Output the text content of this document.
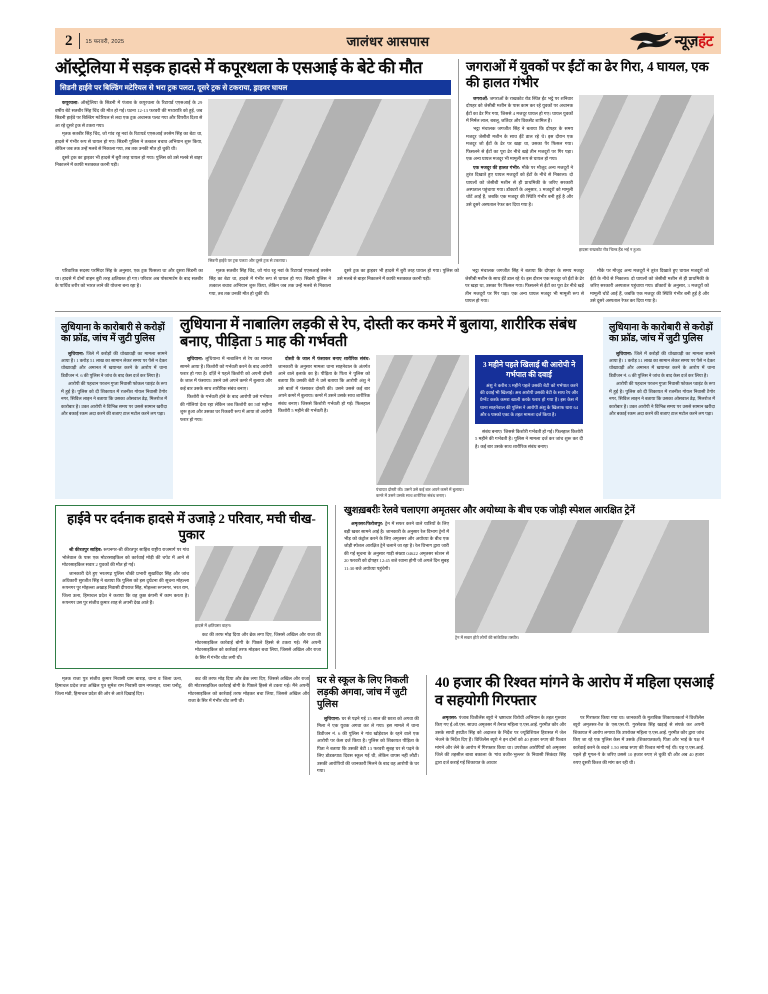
2	15 फरवरी, 2025	जालंधर आसपास	न्यूज़हंट
ऑस्ट्रेलिया में सड़क हादसे में कपूरथला के एसआई के बेटे की मौत
सिडनी हाईवे पर बिल्डिंग मटेरियल से भरा ट्रक पलटा, दूसरे ट्रक से टकराया, ड्राइवर घायल

कपूरथला: ऑस्ट्रेलिया के सिडनी में पंजाब के कपूरथला के रिटायर्ड एएसआई के 29 वर्षीय बेटे सतबीर सिंह चिंद की मौत हो गई। घटना 12-13 फरवरी की मध्यरात्रि को हुई, जब सिडनी हाईवे पर बिल्डिंग मटेरियल से लदा एक ट्रक अचानक पलट गया और विपरीत दिशा से आ रहे दूसरे ट्रक से टकरा गया।

मृतक सतबीर सिंह चिंद, जो गांव रहू नवां के रिटायर्ड एएसआई तरसेम सिंह का बेटा था, हादसे में गंभीर रूप से घायल हो गए। सिडनी पुलिस ने तत्काल बचाव अभियान शुरू किया, लेकिन जब तक उन्हें मलबे से निकाला गया, तब तक उनकी मौत हो चुकी थी।

दूसरे ट्रक का ड्राइवर भी हादसे में बुरी तरह घायल हो गया। पुलिस को उसे मलबे से बाहर निकालने में काफी मशक्कत करनी पड़ी।

सिडनी हाईवे पर ट्रक पलटा और दूसरे ट्रक से टकराया।
जगराओं में युवकों पर ईंटों का ढेर गिरा, 4 घायल, एक की हालत गंभीर

जगराओं: जगराओं के राखकोट रोड स्थित ईंट भट्ठे पर शनिवार दोपहर को जेसीबी मशीन के पास काम कर रहे युवकों पर अचानक ईंटों का ढेर गिर गया, जिससे 4 मजदूर घायल हो गए। घायल युवकों में निर्मल लाल, बबलू, जतिंदर और विकसेंट शामिल हैं।

भट्ठा मंचालक जगजीत सिंह ने बताया कि दोपहर के समय मजदूर जेसीबी मशीन के साथ ईंटें डाल रहे थे। इस दौरान एक मजदूर जो ईंटों के ढेर पर खड़ा था, उसका पैर फिसल गया। फिसलने से ईंटों का पूरा ढेर नीचे खड़े तीन मजदूरों पर गिर पड़ा। एक अन्य घायल मजदूर भी मामूली रूप से घायल हो गया।

एक मजदूर की हालत गंभीर: मौके पर मौजूद अन्य मजदूरों ने तुरंत दिखाते हुए घायल मजदूरों को ईंटों के नीचे से निकाला। दो घायलों को जेसीबी मशीन से ही प्राथमिकी के जरिए सरकारी अस्पताल पहुंचाया गया। डॉक्टरों के अनुसार, 3 मजदूरों को मामूली चोटें आईं हैं, जबकि एक मजदूर की स्थिति गंभीर बनी हुई है और उसे दूसरे अस्पताल रेफर कर दिया गया है।

हादसा राखकोट रोड चिल्ड हैंड भई न हुआ।

परिवारिक सदस्य परमिंदर सिंह के अनुसार, एक ट्रक फिसला था और दूसरा सिडनी का था। हादसे में दोनों वाहन बुरी तरह क्षतिग्रस्त हो गए। परिवार अब पोस्टमार्टम के बाद सतबीर के पार्थिव शरीर को भारत लाने की योजना बना रहा है।

मृतक सतबीर सिंह चिंद, जो गांव रहू नवां के रिटायर्ड एएसआई तरसेम सिंह का बेटा था, हादसे में गंभीर रूप से घायल हो गए। सिडनी पुलिस ने तत्काल बचाव अभियान शुरू किया, लेकिन जब तक उन्हें मलबे से निकाला गया, तब तक उनकी मौत हो चुकी थी।

दूसरे ट्रक का ड्राइवर भी हादसे में बुरी तरह घायल हो गया। पुलिस को उसे मलबे से बाहर निकालने में काफी मशक्कत करनी पड़ी।

भट्ठा मंचालक जगजीत सिंह ने बताया कि दोपहर के समय मजदूर जेसीबी मशीन के साथ ईंटें डाल रहे थे। इस दौरान एक मजदूर जो ईंटों के ढेर पर खड़ा था, उसका पैर फिसल गया। फिसलने से ईंटों का पूरा ढेर नीचे खड़े तीन मजदूरों पर गिर पड़ा। एक अन्य घायल मजदूर भी मामूली रूप से घायल हो गया।

मौके पर मौजूद अन्य मजदूरों ने तुरंत दिखाते हुए घायल मजदूरों को ईंटों के नीचे से निकाला। दो घायलों को जेसीबी मशीन से ही प्राथमिकी के जरिए सरकारी अस्पताल पहुंचाया गया। डॉक्टरों के अनुसार, 3 मजदूरों को मामूली चोटें आईं हैं, जबकि एक मजदूर की स्थिति गंभीर बनी हुई है और उसे दूसरे अस्पताल रेफर कर दिया गया है।

लुधियाना के कारोबारी से करोड़ों का फ्रॉड, जांच में जुटी पुलिस

लुधियाना: जिले में करोड़ों की धोखाधड़ी का मामला सामने आया है। 1 करोड़ 51 लाख का सामान लेकर समय पर पैसे न देकर धोखाधड़ी और अमानत में खयानत करने के आरोप में थाना डिवीजन नं. 6 की पुलिस ने जांच के बाद केस दर्ज कर लिया है।

आरोपी की पहचान परशन गुप्ता निवासी फोकल प्वाइंट के रूप में हुई है। पुलिस को दी शिकायत में रजनीश गोयल निवासी टैगोर नगर, सिविल लाइन ने बताया कि उसका ओसवाल डेढ़, मिलरोज में कारोबार है। उक्त आरोपी ने विभिन्न समय पर उससे सामान खरीदा और बकाई रकम अदा करने की बजाए टाल मटोल करने लग पड़ा।

लुधियाना में नाबालिग लड़की से रेप, दोस्ती कर कमरे में बुलाया, शारीरिक संबंध बनाए, पीड़िता 5 माह की गर्भवती

लुधियाना: लुधियाना में नाबालिग से रेप का मामला सामने आया है। किशोरी को गर्भवती करने के बाद आरोपी फरार हो गया है। दर्ज़ि ने पहले किशोरी को अपनी दोस्ती के जाल में फंसाया। उसने उसे अपने कमरे में बुलाया और कई बार उसके साथ शारीरिक संबंध बनाए।

किशोरी के गर्भवती होने के बाद आरोपी उसे गर्भपात की गोलियां देता रहा लेकिन जब किशोरी का 5वां महीना शुरू हुआ और उसका घर रिकवरी रूप में आया तो आरोपी फरार हो गया।

दोस्ती के जाल में फंसाकर बनाए शारीरिक संबंध: जानकारी के अनुसार मामला थाना साहनेवाल के अंतर्गत आने वाले इलाके का है। पीड़िता के पिता ने पुलिस को बताया कि उसकी बेटी ने उसे बताया कि आरोपी अंशु ने उसे बातों में फंसाकर दोस्ती की। उसने उससे कई बार अपने कमरे में बुलाया। कमरे में उसने उसके साथ शारीरिक संबंध बनाए। जिससे किशोरी गर्भवती हो गई। फिलहाल किशोरी 5 महीने की गर्भवती है।

पंचायत दोस्ती की। उसने उसे कई बार अपने कमरे में बुलाया। कमरे में उसने उसके साथ शारीरिक संबंध बनाए।
3 महीने पहले खिलाई थी आरोपी ने गर्भपात की दवाई
अंशु ने करीब 3 महीने पहले उसकी बेटी को गर्भपात करने की दवाई भी खिलाई। अब आरोपी उसकी बेटी के साथ रेप और प्रेग्नेंट करके कमरा खाली करके फरार हो गया है। इस केस में थाना साहनेवाल की पुलिस ने आरोपी अंशु के खिलाफ धारा 64 और 6 पास्को एक्ट के तहत मामला दर्ज किया है।

संबंध बनाए। जिससे किशोरी गर्भवती हो गई। फिलहाल किशोरी 5 महीने की गर्भवती है। पुलिस ने मामला दर्ज कर जांच शुरू कर दी है। कई बार उसके साथ शारीरिक संबंध बनाए।

लुधियाना के कारोबारी से करोड़ों का फ्रॉड, जांच में जुटी पुलिस

लुधियाना: जिले में करोड़ों की धोखाधड़ी का मामला सामने आया है। 1 करोड़ 51 लाख का सामान लेकर समय पर पैसे न देकर धोखाधड़ी और अमानत में खयानत करने के आरोप में थाना डिवीजन नं. 6 की पुलिस ने जांच के बाद केस दर्ज कर लिया है।

आरोपी की पहचान परशन गुप्ता निवासी फोकल प्वाइंट के रूप में हुई है। पुलिस को दी शिकायत में रजनीश गोयल निवासी टैगोर नगर, सिविल लाइन ने बताया कि उसका ओसवाल डेढ़, मिलरोज में कारोबार है। उक्त आरोपी ने विभिन्न समय पर उससे सामान खरीदा और बकाई रकम अदा करने की बजाए टाल मटोल करने लग पड़ा।

हाईवे पर दर्दनाक हादसे में उजाड़े 2 परिवार, मची चीख-पुकार

श्री कीरतपुर साहिब: रूपनगर-श्री कीरतपुर साहिब राष्ट्रीय राजमार्ग पर गांव भोलेवाल के पास एक मोटरसाइकिल को कार्रवाई मोड़ी की चपेट में आने से मोटरसाइकिल सवार 2 युवकों की मौत हो गई।

जानकारी देते हुए भरतगढ़ पुलिस चौकी प्रभारी सुखविंदर सिंह और जांच अधिकारी सुरजीत सिंह ने बताया कि पुलिस को इस दुर्घटना की सूचना मोहल्ला रूपनगर पुर मोहल्ला अखाड़ निवासी दीपराज सिंह, मोहल्ला रूपनगर, भरत राम, जिला ऊना, हिमाचल प्रदेश ने कराया कि वह कुछ कंपनी में काम करता है। रूपनगर उस पुर संजीव कुमार शाह से अपनी देख आते हैं।

हादसे में क्षतिग्रस्त वाहन।

कट की तरफ मोड़ दिया और ब्रेक लगा दिए, जिससे अखिल और राजा की मोटरसाइकिल कार्रवाई बोगी के पिछले हिस्से से टकरा गई। मैंने अपनी मोटरसाइकिल को कार्रवाई तरफ मोड़कर बचा लिया, जिससे अखिल और राजा के सिर में गंभीर चोट लगी थी।

खुशख़बरीः रेलवे चलाएगा अमृतसर और अयोध्या के बीच एक जोड़ी स्पेशल आरक्षित ट्रेनें

अमृतसर/फिरोजपुर: ट्रेन में सफर करने वाले यात्रियों के लिए बड़ी खबर सामने आई है। जानकारी के अनुसार रेल विभाग ट्रेनों में भीड़ को कंट्रोल करने के लिए अमृतसर और अयोध्या के बीच एक जोड़ी स्पेशल आरक्षित ट्रेनें चलाने जा रहा है। रेल विभाग द्वारा जारी की गई सूचना के अनुसार गाड़ी संख्या 04622 अमृतसर स्टेशन से 20 फरवरी को दोपहर 12:45 बजे रवाना होगी जो अगले दिन सुबह 11:30 बजे अयोध्या पहुंचेगी।

ट्रेन में सवार होते लोगों की सांकेतिक तस्वीर।

मृतक राजा पुत्र संजीव कुमार निवासी ग्राम बाराड़, थाना व जिला ऊना, हिमाचल प्रदेश तथा अखिल पुत्र सुमेश राम निवासी ग्राम नगलाहर, थाना घनौटू, जिला मंडी, हिमाचल प्रदेश की ओर से आते दिखाई दिए।

कट की तरफ मोड़ दिया और ब्रेक लगा दिए, जिससे अखिल और राजा की मोटरसाइकिल कार्रवाई बोगी के पिछले हिस्से से टकरा गई। मैंने अपनी मोटरसाइकिल को कार्रवाई तरफ मोड़कर बचा लिया, जिससे अखिल और राजा के सिर में गंभीर चोट लगी थी।

घर से स्कूल के लिए निकली लड़की अगवा, जांच में जुटी पुलिस

लुधियाना: घर से पढ़ने गई 15 साल की छात्रा को अगवा की मिला ने एक युवक अगवा कर ले गया। इस मामले में थाना डिवीजन नं. 6 की पुलिस ने गांव खोड़ेवाल के रहने वाले एक आरोपी पर केस दर्ज किया है। पुलिस को शिकायत पीड़िता के पिता ने बताया कि उसकी बेटी 13 फरवरी सुबह घर से पढ़ने के लिए डोडकपाठ दिवस स्कूल गई थी, लेकिन वापस नहीं लौटी। उसकी आरोपियों की जानकारी मिलने के बाद वह आरोपी के घर गया।

40 हजार की रिश्वत मांगने के आरोप में महिला एसआई व सहयोगी गिरफ्तार

अमृतसर: पंजाब विजीलेंस ब्यूरो ने भ्रष्टाचार विरोधी अभियान के तहत गुरुवार किए गए ई.ओ.एस. साउथ अमृतसर में तैनात महिला ए.एस.आई. गुरमीत कौर और उसके साथी हरप्रीत सिंह को अदालत के निर्देश पर ज्यूडिशियल हिरासत में जेल भेजने के निर्देश दिए हैं। विजिलेंस ब्यूरो ने इन दोनों को 40 हजार रुपए की रिश्वत मांगने और लेने के आरोप में गिरफ्तार किया था। उपरोक्त आरोपियों को अमृतसर जिले की तहसील बाबा बकाला के 'गांव वजीर-भुल्लर' के निवासी सिकंदर सिंह द्वारा दर्ज कराई गई शिकायत के आधार

पर गिरफ्तार किया गया था। जानकारी के मुताबिक शिकायतकर्ता ने विजीलेंस ब्यूरो अमृतसर-रेंज के एस.एस.पी. गुरसेवक सिंह खड़ाई से संपर्क कर अपनी शिकायत में आरोप लगाया कि उपरोक्त महिला ए.एस.आई. गुरमीत कौर द्वारा जांच किए जा रहे एक पुलिस केस में उसके (शिकायतकर्ता) पिता और भाई के पक्ष में कार्रवाई करने के बदले 1.50 लाख रुपए की रिश्वत मांगी गई थी। यह ए.एस.आई. पहले ही गूगल-पे के जरिए उससे 10 हजार रुपए ले चुकी थी और अब 40 हजार रुपए दूसरी किश्त की मांग कर रही थी।
